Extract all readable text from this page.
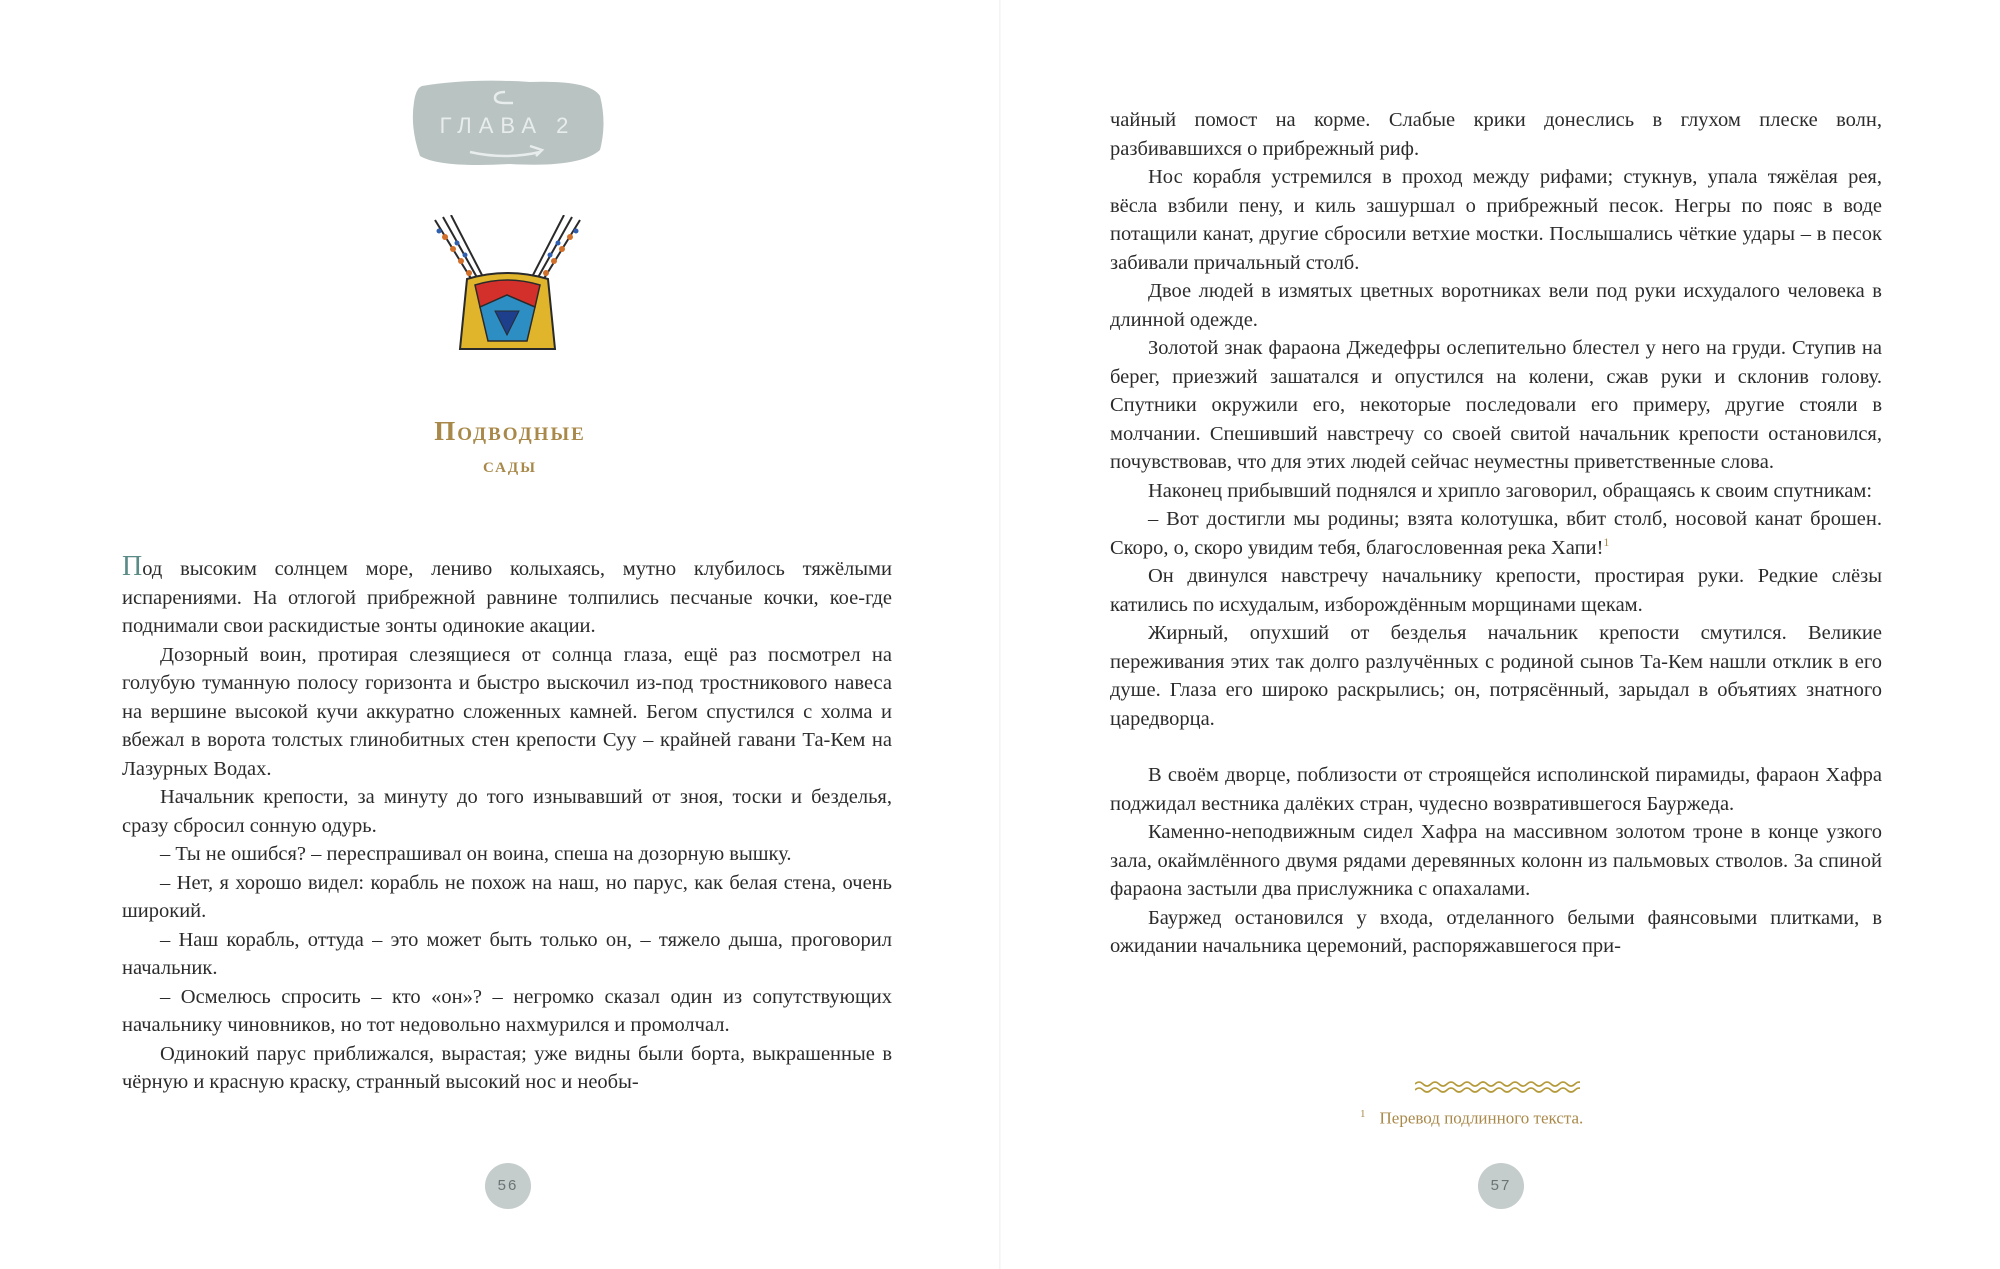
ГЛАВА 2
Подводные
сады

Под высоким солнцем море, лениво колыхаясь, мутно клубилось тяжёлыми испарениями. На отлогой прибрежной равнине толпились песчаные кочки, кое-где поднимали свои раскидистые зонты одинокие акации.

Дозорный воин, протирая слезящиеся от солнца глаза, ещё раз посмотрел на голубую туманную полосу горизонта и быстро выскочил из-под тростникового навеса на вершине высокой кучи аккуратно сложенных камней. Бегом спустился с холма и вбежал в ворота толстых глинобитных стен крепости Суу – крайней гавани Та-Кем на Лазурных Водах.

Начальник крепости, за минуту до того изнывавший от зноя, тоски и безделья, сразу сбросил сонную одурь.

– Ты не ошибся? – переспрашивал он воина, спеша на дозорную вышку.

– Нет, я хорошо видел: корабль не похож на наш, но парус, как белая стена, очень широкий.

– Наш корабль, оттуда – это может быть только он, – тяжело дыша, проговорил начальник.

– Осмелюсь спросить – кто «он»? – негромко сказал один из сопутствующих начальнику чиновников, но тот недовольно нахмурился и промолчал.

Одинокий парус приближался, вырастая; уже видны были борта, выкрашенные в чёрную и красную краску, странный высокий нос и необы-

56

чайный помост на корме. Слабые крики донеслись в глухом плеске волн, разбивавшихся о прибрежный риф.

Нос корабля устремился в проход между рифами; стукнув, упала тяжёлая рея, вёсла взбили пену, и киль зашуршал о прибрежный песок. Негры по пояс в воде потащили канат, другие сбросили ветхие мостки. Послышались чёткие удары – в песок забивали причальный столб.

Двое людей в измятых цветных воротниках вели под руки исхудалого человека в длинной одежде.

Золотой знак фараона Джедефры ослепительно блестел у него на груди. Ступив на берег, приезжий зашатался и опустился на колени, сжав руки и склонив голову. Спутники окружили его, некоторые последовали его примеру, другие стояли в молчании. Спешивший навстречу со своей свитой начальник крепости остановился, почувствовав, что для этих людей сейчас неуместны приветственные слова.

Наконец прибывший поднялся и хрипло заговорил, обращаясь к своим спутникам:

– Вот достигли мы родины; взята колотушка, вбит столб, носовой канат брошен. Скоро, о, скоро увидим тебя, благословенная река Хапи!$^1$

Он двинулся навстречу начальнику крепости, простирая руки. Редкие слёзы катились по исхудалым, изборождённым морщинами щекам.

Жирный, опухший от безделья начальник крепости смутился. Великие переживания этих так долго разлучённых с родиной сынов Та-Кем нашли отклик в его душе. Глаза его широко раскрылись; он, потрясённый, зарыдал в объятиях знатного царедворца.

В своём дворце, поблизости от строящейся исполинской пирамиды, фараон Хафра поджидал вестника далёких стран, чудесно возвратившегося Бауржеда.

Каменно-неподвижным сидел Хафра на массивном золотом троне в конце узкого зала, окаймлённого двумя рядами деревянных колонн из пальмовых стволов. За спиной фараона застыли два прислужника с опахалами.

Бауржед остановился у входа, отделанного белыми фаянсовыми плитками, в ожидании начальника церемоний, распоряжавшегося при-

$^1$ Перевод подлинного текста.
57
